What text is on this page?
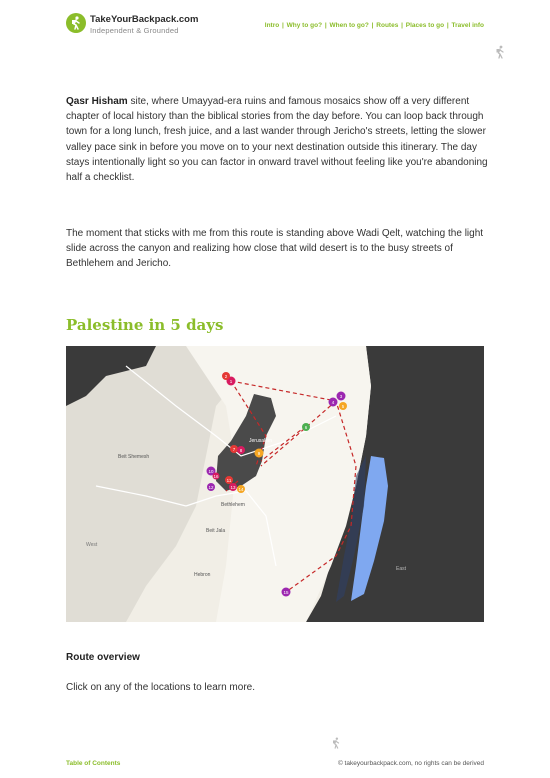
TakeYourBackpack.com
Independent & Grounded
Intro | Why to go? | When to go? | Routes | Places to go | Travel info
Qasr Hisham site, where Umayyad-era ruins and famous mosaics show off a very different chapter of local history than the biblical stories from the day before. You can loop back through town for a long lunch, fresh juice, and a last wander through Jericho's streets, letting the slower valley pace sink in before you move on to your next destination outside this itinerary. The day stays intentionally light so you can factor in onward travel without feeling like you're abandoning half a checklist.
The moment that sticks with me from this route is standing above Wadi Qelt, watching the light slide across the canyon and realizing how close that wild desert is to the busy streets of Bethlehem and Jericho.
Palestine in 5 days
Jerusalem
Bethlehem
Beit Shemesh
Hebron
Beit Jala
East
West
1
2
3
4
5
6
7 8
9
10
11
12	13 14
15
16
Route overview
Click on any of the locations to learn more.
Table of Contents	© takeyourbackpack.com, no rights can be derived
